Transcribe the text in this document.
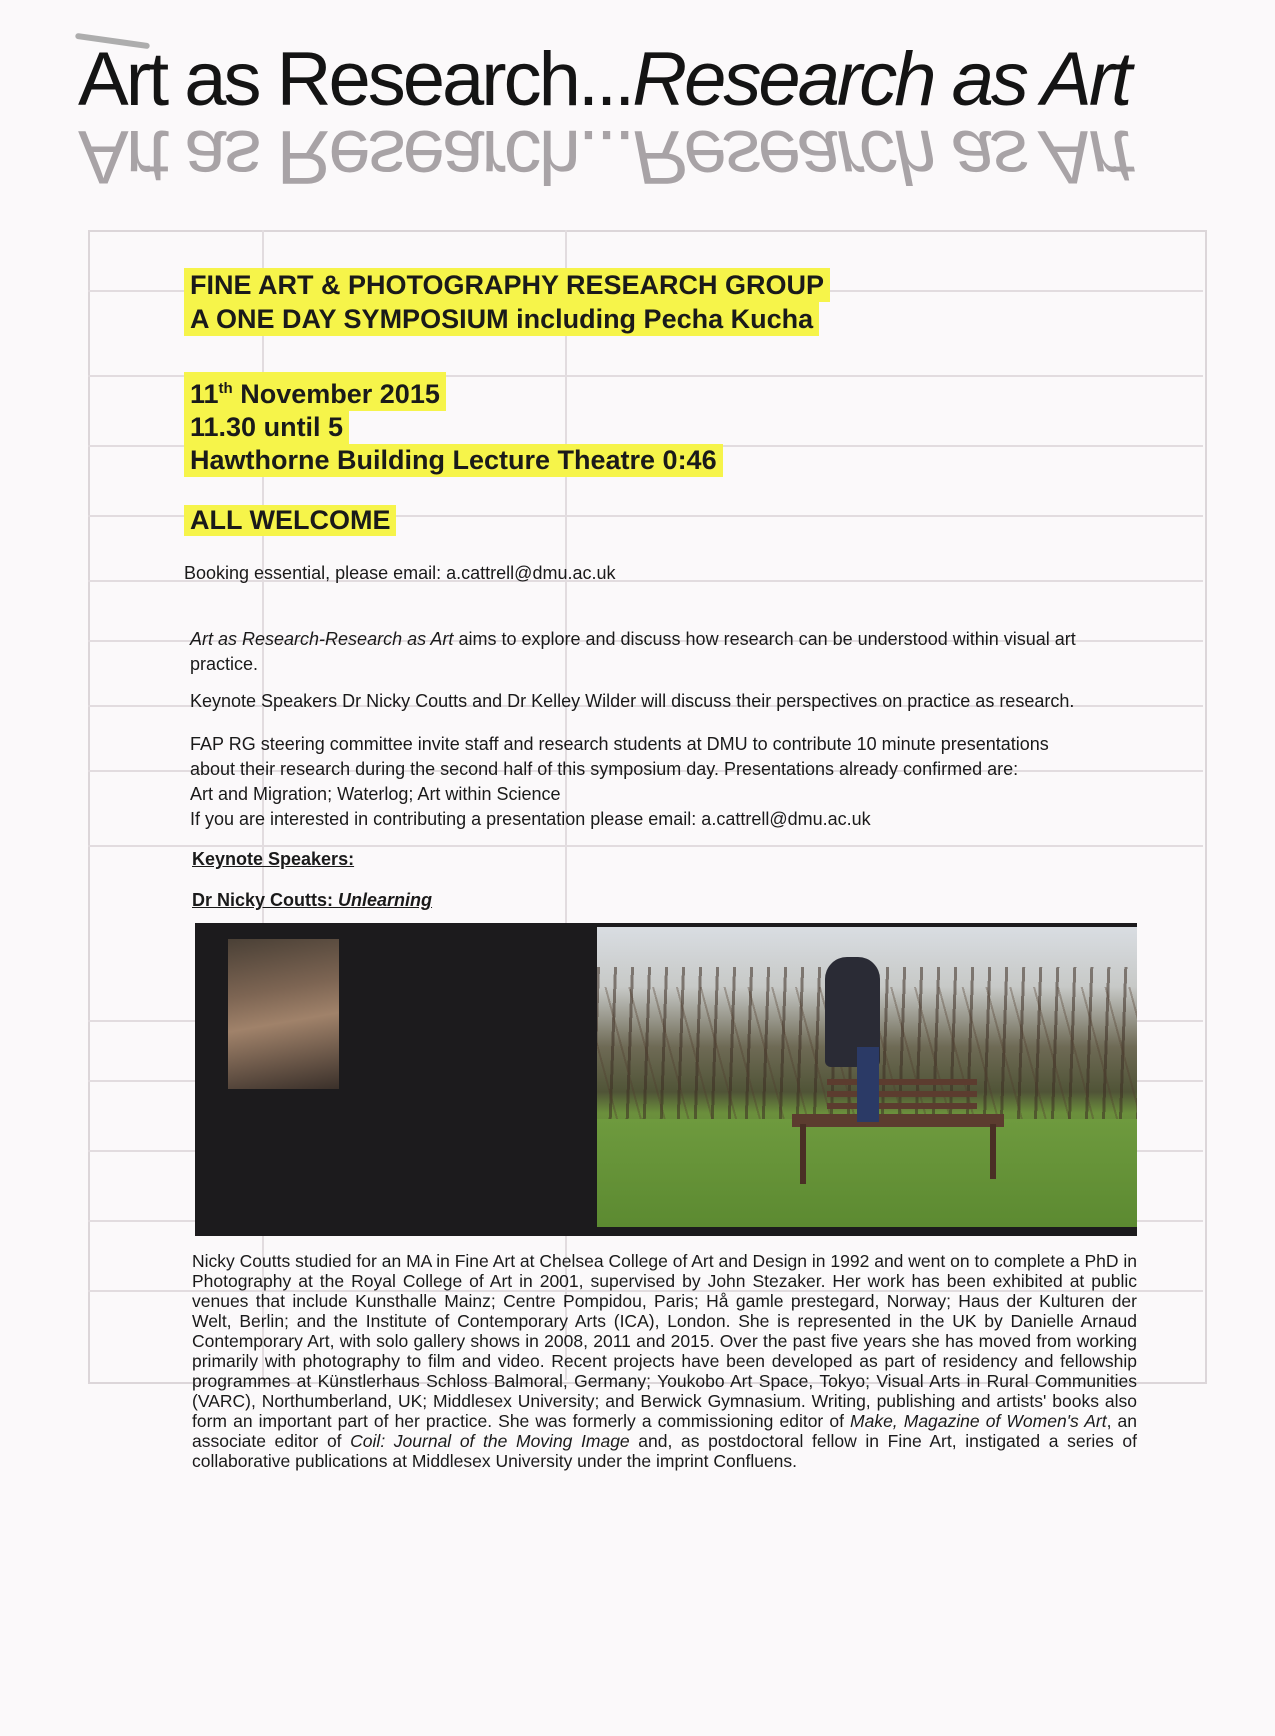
Art as Research...Research as Art
Art as Research...Research as Art
FINE ART & PHOTOGRAPHY RESEARCH GROUP
A ONE DAY SYMPOSIUM including Pecha Kucha
11th November 2015
11.30 until 5
Hawthorne Building Lecture Theatre 0:46
ALL WELCOME
Booking essential, please email: a.cattrell@dmu.ac.uk
Art as Research-Research as Art aims to explore and discuss how research can be understood within visual art practice.
Keynote Speakers Dr Nicky Coutts and Dr Kelley Wilder will discuss their perspectives on practice as research.
FAP RG steering committee invite staff and research students at DMU to contribute 10 minute presentations
about their research during the second half of this symposium day. Presentations already confirmed are:
Art and Migration; Waterlog; Art within Science
If you are interested in contributing a presentation please email: a.cattrell@dmu.ac.uk
Keynote Speakers:
Dr Nicky Coutts: Unlearning
Nicky Coutts studied for an MA in Fine Art at Chelsea College of Art and Design in 1992 and went on to complete a PhD in Photography at the Royal College of Art in 2001, supervised by John Stezaker. Her work has been exhibited at public venues that include Kunsthalle Mainz; Centre Pompidou, Paris; Hå gamle prestegard, Norway; Haus der Kulturen der Welt, Berlin; and the Institute of Contemporary Arts (ICA), London. She is represented in the UK by Danielle Arnaud Contemporary Art, with solo gallery shows in 2008, 2011 and 2015. Over the past five years she has moved from working primarily with photography to film and video. Recent projects have been developed as part of residency and fellowship programmes at Künstlerhaus Schloss Balmoral, Germany; Youkobo Art Space, Tokyo; Visual Arts in Rural Communities (VARC), Northumberland, UK; Middlesex University; and Berwick Gymnasium. Writing, publishing and artists' books also form an important part of her practice. She was formerly a commissioning editor of Make, Magazine of Women's Art, an associate editor of Coil: Journal of the Moving Image and, as postdoctoral fellow in Fine Art, instigated a series of collaborative publications at Middlesex University under the imprint Confluens.
